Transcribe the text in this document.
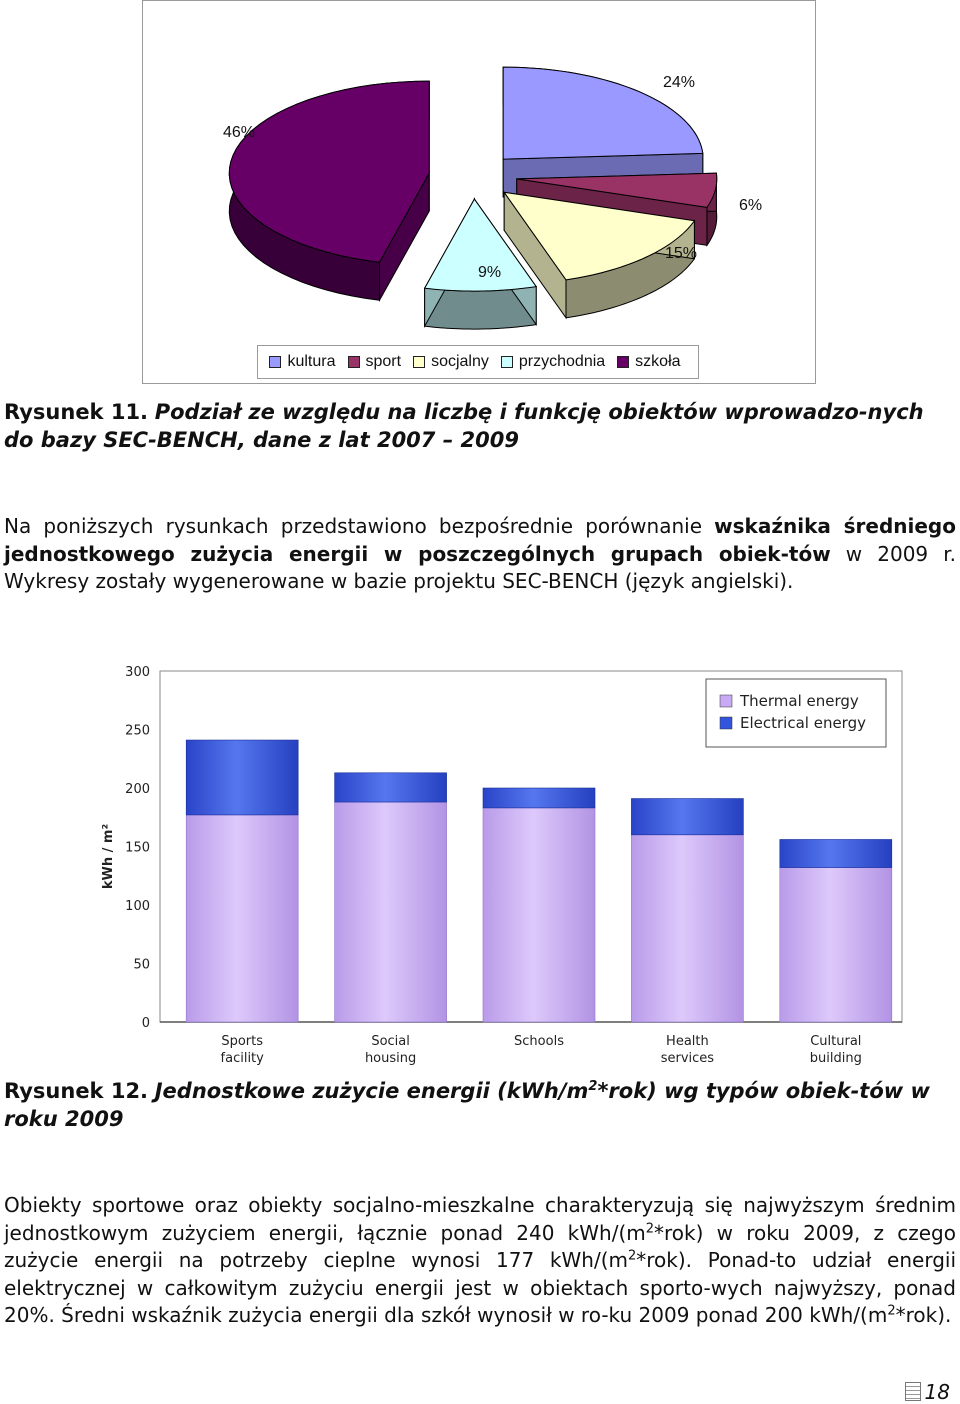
24%
46%
6%
15%
9%
kultura sport socjalny przychodnia szkoła
Rysunek 11. Podział ze względu na liczbę i funkcję obiektów wprowadzo-nych do bazy SEC-BENCH, dane z lat 2007 – 2009
Na poniższych rysunkach przedstawiono bezpośrednie porównanie wskaźnika średniego jednostkowego zużycia energii w poszczególnych grupach obiek-tów w 2009 r. Wykresy zostały wygenerowane w bazie projektu SEC-BENCH (język angielski).
0
50
100
150
200
250
300
kWh / m²
Sports
facility
Social
housing
Schools	Health
services
Cultural
building
Thermal energy
Electrical energy
Rysunek 12. Jednostkowe zużycie energii $(kWh/m^2*rok)$ wg typów obiek-tów w roku 2009
Obiekty sportowe oraz obiekty socjalno-mieszkalne charakteryzują się najwyższym średnim jednostkowym zużyciem energii, łącznie ponad 240 kWh/$(m^2*rok)$ w roku 2009, z czego zużycie energii na potrzeby cieplne wynosi 177 kWh/$(m^2*rok)$. Ponad-to udział energii elektrycznej w całkowitym zużyciu energii jest w obiektach sporto-wych najwyższy, ponad 20%. Średni wskaźnik zużycia energii dla szkół wynosił w ro-ku 2009 ponad 200 kWh/$(m^2*rok)$.
18
